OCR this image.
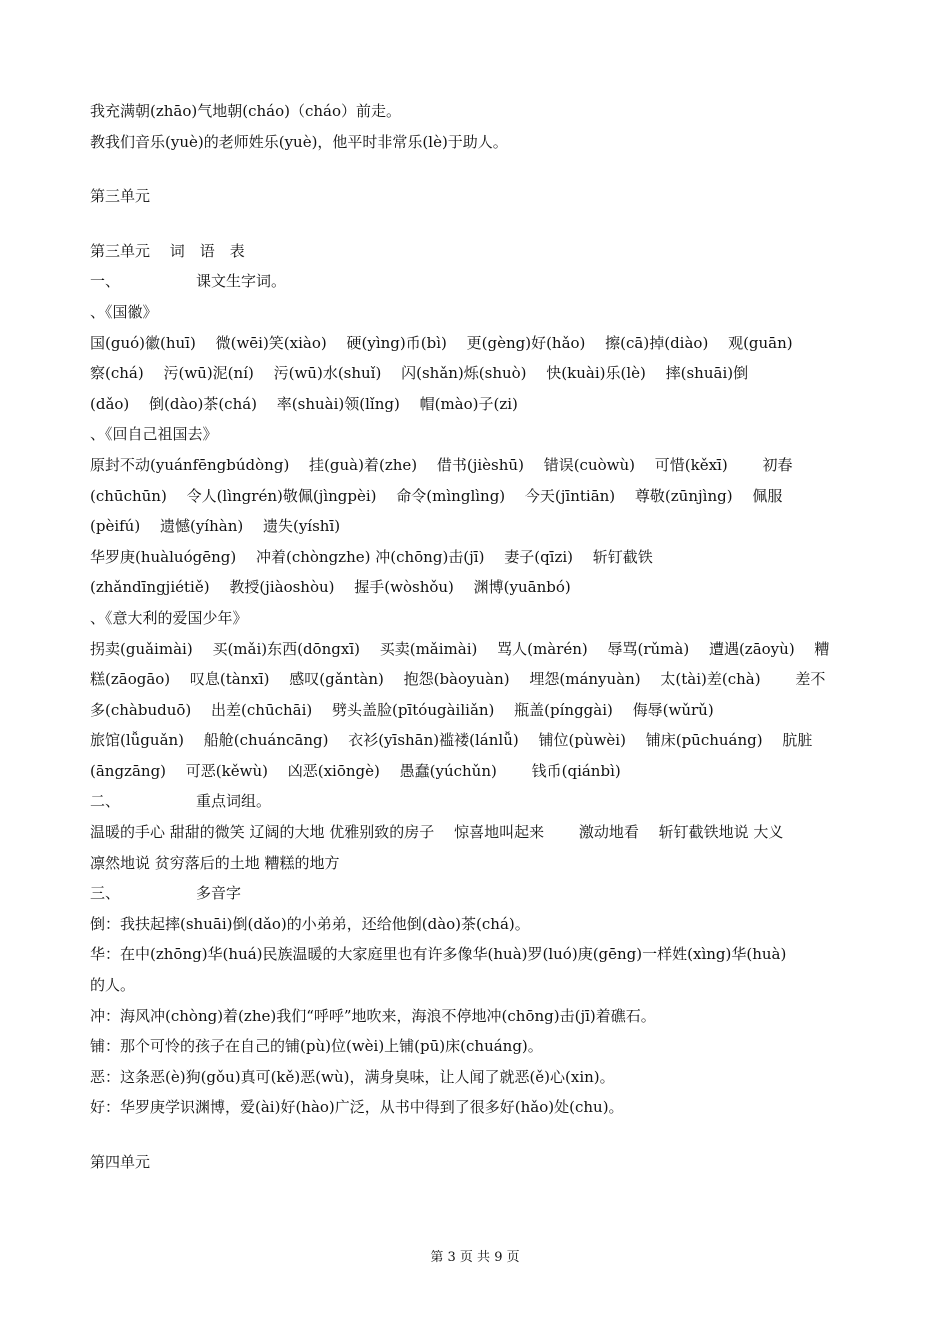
我充满朝(zhāo)气地朝(cháo)（cháo）前走。
教我们音乐(yuè)的老师姓乐(yuè)，他平时非常乐(lè)于助人。
第三单元
第三单元　 词　语　表
一、	课文生字词。
、《国徽》
国(guó)徽(huī)　 微(wēi)笑(xiào)　 硬(yìng)币(bì)　 更(gèng)好(hǎo)　 擦(cā)掉(diào)　 观(guān)
察(chá)　 污(wū)泥(ní)　 污(wū)水(shuǐ)　 闪(shǎn)烁(shuò)　 快(kuài)乐(lè)　 摔(shuāi)倒
(dǎo)　 倒(dào)茶(chá)　 率(shuài)领(lǐng)　 帽(mào)子(zi)
、《回自己祖国去》
原封不动(yuánfēngbúdòng)　 挂(guà)着(zhe)　 借书(jièshū)　 错误(cuòwù)　 可惜(kěxī)　　 初春
(chūchūn)　 令人(lìngrén)敬佩(jìngpèi)　 命令(mìnglìng)　 今天(jīntiān)　 尊敬(zūnjìng)　 佩服
(pèifú)　 遗憾(yíhàn)　 遗失(yíshī)
华罗庚(huàluógēng)　 冲着(chòngzhe) 冲(chōng)击(jī)　 妻子(qīzi)　 斩钉截铁
(zhǎndīngjiétiě)　 教授(jiàoshòu)　 握手(wòshǒu)　 渊博(yuānbó)
、《意大利的爱国少年》
拐卖(guǎimài)　 买(mǎi)东西(dōngxī)　 买卖(mǎimài)　 骂人(màrén)　 辱骂(rǔmà)　 遭遇(zāoyù)　 糟
糕(zāogāo)　 叹息(tànxī)　 感叹(gǎntàn)　 抱怨(bàoyuàn)　 埋怨(mányuàn)　 太(tài)差(chà)　　 差不
多(chàbuduō)　 出差(chūchāi)　 劈头盖脸(pītóugàiliǎn)　 瓶盖(pínggài)　 侮辱(wǔrǔ)
旅馆(lǚguǎn)　 船舱(chuáncāng)　 衣衫(yīshān)褴褛(lánlǚ)　 铺位(pùwèi)　 铺床(pūchuáng)　 肮脏
(āngzāng)　 可恶(kěwù)　 凶恶(xiōngè)　 愚蠢(yúchǔn)　　 钱币(qiánbì)
二、	重点词组。
温暖的手心 甜甜的微笑 辽阔的大地 优雅别致的房子　 惊喜地叫起来　　 激动地看　 斩钉截铁地说 大义
凛然地说 贫穷落后的土地 糟糕的地方
三、	多音字
倒：我扶起摔(shuāi)倒(dǎo)的小弟弟，还给他倒(dào)茶(chá)。
华：在中(zhōng)华(huá)民族温暖的大家庭里也有许多像华(huà)罗(luó)庚(gēng)一样姓(xìng)华(huà)
的人。
冲：海风冲(chòng)着(zhe)我们“呼呼”地吹来，海浪不停地冲(chōng)击(jī)着礁石。
铺：那个可怜的孩子在自己的铺(pù)位(wèi)上铺(pū)床(chuáng)。
恶：这条恶(è)狗(gǒu)真可(kě)恶(wù)，满身臭味，让人闻了就恶(ě)心(xin)。
好：华罗庚学识渊博，爱(ài)好(hào)广泛，从书中得到了很多好(hǎo)处(chu)。
第四单元
第 3 页 共 9 页
